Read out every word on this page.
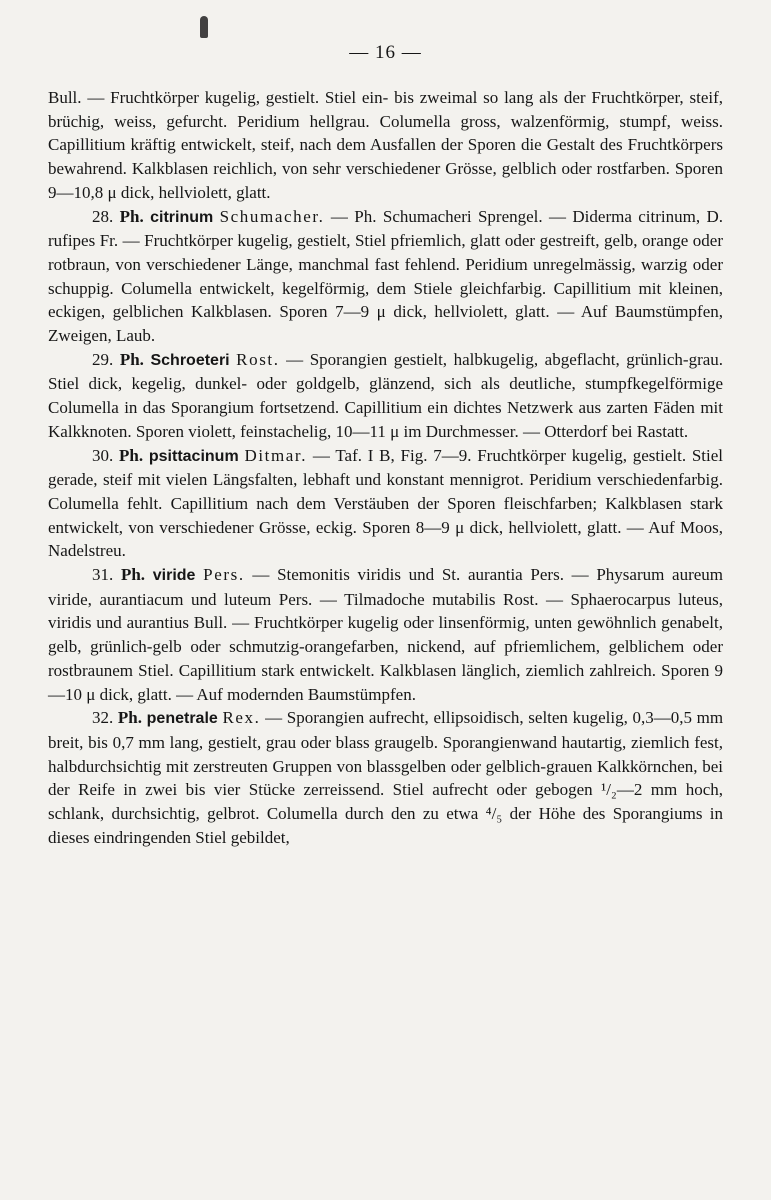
— 16 —

Bull. — Fruchtkörper kugelig, gestielt. Stiel ein- bis zweimal so lang als der Fruchtkörper, steif, brüchig, weiss, gefurcht. Peridium hellgrau. Columella gross, walzenförmig, stumpf, weiss. Capillitium kräftig entwickelt, steif, nach dem Ausfallen der Sporen die Gestalt des Fruchtkörpers bewahrend. Kalkblasen reichlich, von sehr verschiedener Grösse, gelblich oder rostfarben. Sporen 9—10,8 μ dick, hellviolett, glatt.

28. Ph. citrinum Schumacher. — Ph. Schumacheri Sprengel. — Diderma citrinum, D. rufipes Fr. — Fruchtkörper kugelig, gestielt, Stiel pfriemlich, glatt oder gestreift, gelb, orange oder rotbraun, von verschiedener Länge, manchmal fast fehlend. Peridium unregelmässig, warzig oder schuppig. Columella entwickelt, kegelförmig, dem Stiele gleichfarbig. Capillitium mit kleinen, eckigen, gelblichen Kalkblasen. Sporen 7—9 μ dick, hellviolett, glatt. — Auf Baumstümpfen, Zweigen, Laub.

29. Ph. Schroeteri Rost. — Sporangien gestielt, halbkugelig, abgeflacht, grünlich-grau. Stiel dick, kegelig, dunkel- oder goldgelb, glänzend, sich als deutliche, stumpfkegelförmige Columella in das Sporangium fortsetzend. Capillitium ein dichtes Netzwerk aus zarten Fäden mit Kalkknoten. Sporen violett, feinstachelig, 10—11 μ im Durchmesser. — Otterdorf bei Rastatt.

30. Ph. psittacinum Ditmar. — Taf. I B, Fig. 7—9. Fruchtkörper kugelig, gestielt. Stiel gerade, steif mit vielen Längsfalten, lebhaft und konstant mennigrot. Peridium verschiedenfarbig. Columella fehlt. Capillitium nach dem Verstäuben der Sporen fleischfarben; Kalkblasen stark entwickelt, von verschiedener Grösse, eckig. Sporen 8—9 μ dick, hellviolett, glatt. — Auf Moos, Nadelstreu.

31. Ph. viride Pers. — Stemonitis viridis und St. aurantia Pers. — Physarum aureum viride, aurantiacum und luteum Pers. — Tilmadoche mutabilis Rost. — Sphaerocarpus luteus, viridis und aurantius Bull. — Fruchtkörper kugelig oder linsenförmig, unten gewöhnlich genabelt, gelb, grünlich-gelb oder schmutzig-orangefarben, nickend, auf pfriemlichem, gelblichem oder rostbraunem Stiel. Capillitium stark entwickelt. Kalkblasen länglich, ziemlich zahlreich. Sporen 9—10 μ dick, glatt. — Auf modernden Baumstümpfen.

32. Ph. penetrale Rex. — Sporangien aufrecht, ellipsoidisch, selten kugelig, 0,3—0,5 mm breit, bis 0,7 mm lang, gestielt, grau oder blass graugelb. Sporangienwand hautartig, ziemlich fest, halbdurchsichtig mit zerstreuten Gruppen von blassgelben oder gelblich-grauen Kalkkörnchen, bei der Reife in zwei bis vier Stücke zerreissend. Stiel aufrecht oder gebogen ¹/₂—2 mm hoch, schlank, durchsichtig, gelbrot. Columella durch den zu etwa ⁴/₅ der Höhe des Sporangiums in dieses eindringenden Stiel gebildet,
